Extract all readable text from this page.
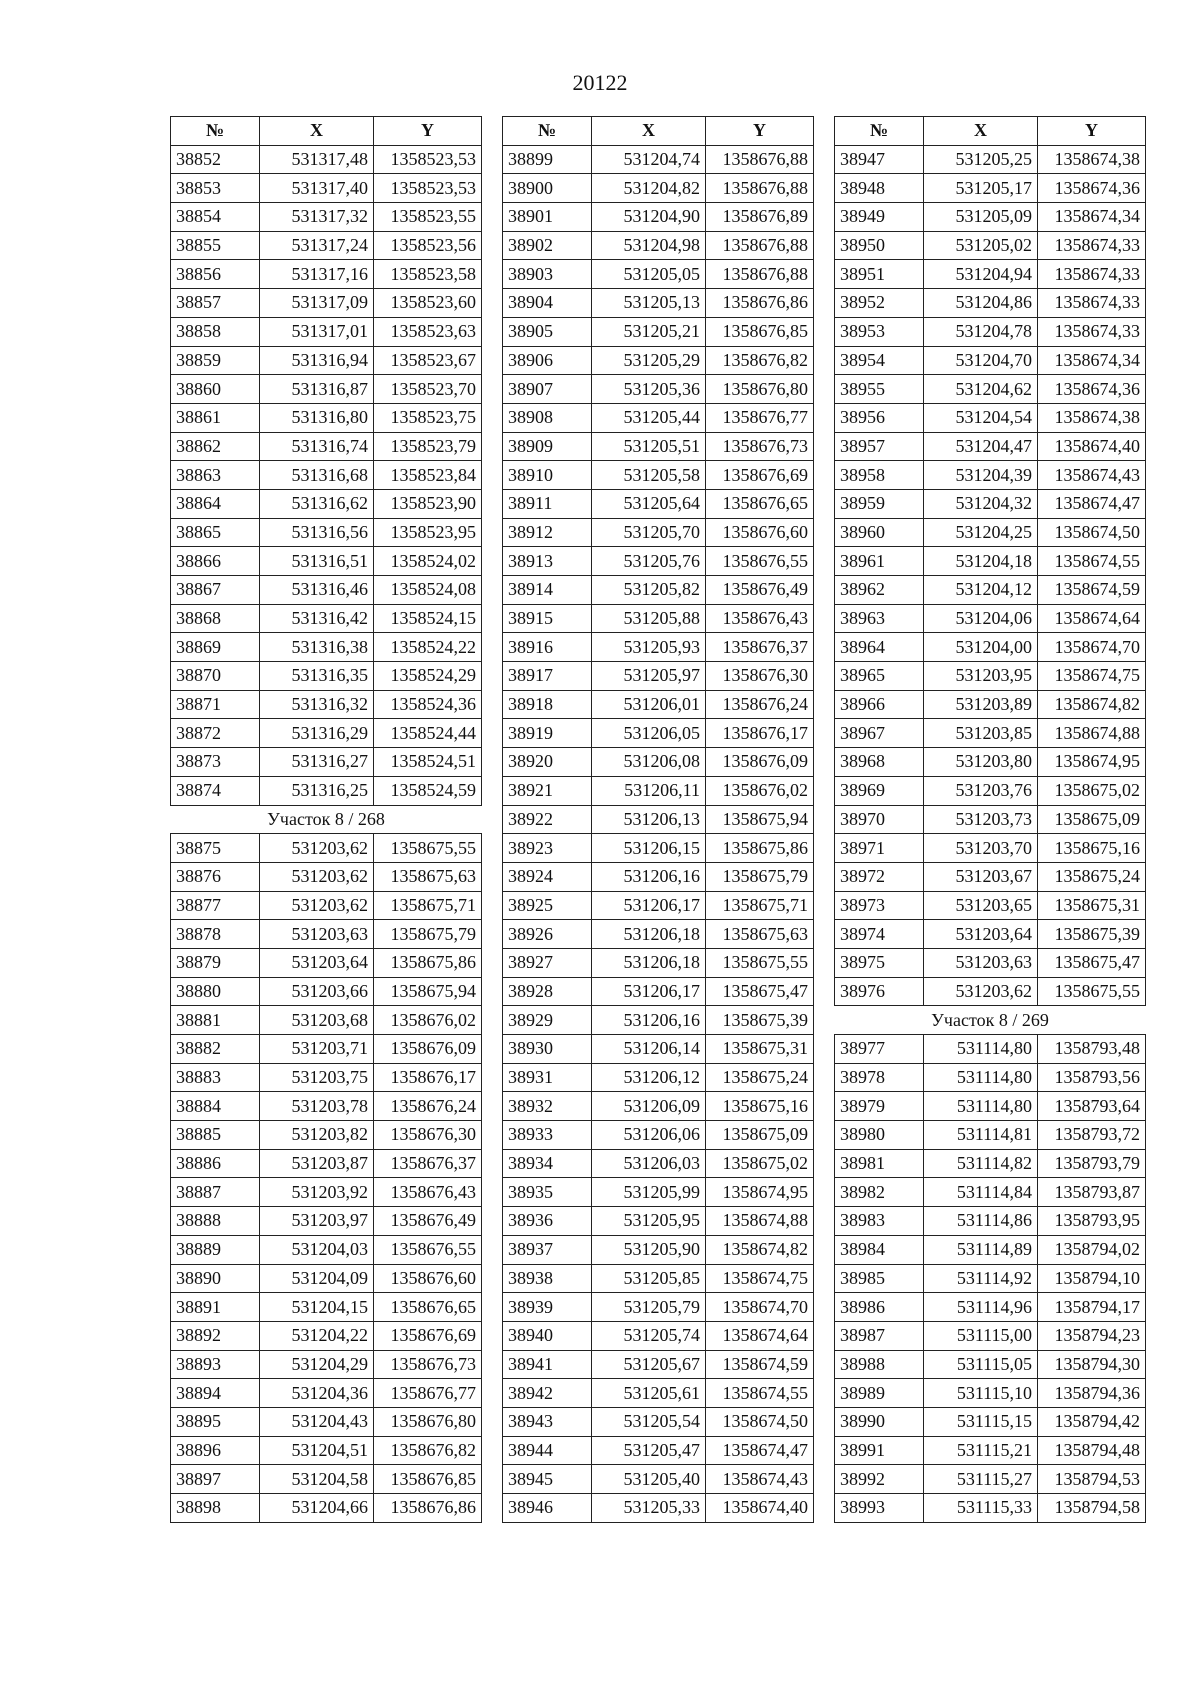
20122
№	X	Y
38852	531317,48	1358523,53
38853	531317,40	1358523,53
38854	531317,32	1358523,55
38855	531317,24	1358523,56
38856	531317,16	1358523,58
38857	531317,09	1358523,60
38858	531317,01	1358523,63
38859	531316,94	1358523,67
38860	531316,87	1358523,70
38861	531316,80	1358523,75
38862	531316,74	1358523,79
38863	531316,68	1358523,84
38864	531316,62	1358523,90
38865	531316,56	1358523,95
38866	531316,51	1358524,02
38867	531316,46	1358524,08
38868	531316,42	1358524,15
38869	531316,38	1358524,22
38870	531316,35	1358524,29
38871	531316,32	1358524,36
38872	531316,29	1358524,44
38873	531316,27	1358524,51
38874	531316,25	1358524,59
Участок 8 / 268		
38875	531203,62	1358675,55
38876	531203,62	1358675,63
38877	531203,62	1358675,71
38878	531203,63	1358675,79
38879	531203,64	1358675,86
38880	531203,66	1358675,94
38881	531203,68	1358676,02
38882	531203,71	1358676,09
38883	531203,75	1358676,17
38884	531203,78	1358676,24
38885	531203,82	1358676,30
38886	531203,87	1358676,37
38887	531203,92	1358676,43
38888	531203,97	1358676,49
38889	531204,03	1358676,55
38890	531204,09	1358676,60
38891	531204,15	1358676,65
38892	531204,22	1358676,69
38893	531204,29	1358676,73
38894	531204,36	1358676,77
38895	531204,43	1358676,80
38896	531204,51	1358676,82
38897	531204,58	1358676,85
38898	531204,66	1358676,86
№	X	Y
38899	531204,74	1358676,88
38900	531204,82	1358676,88
38901	531204,90	1358676,89
38902	531204,98	1358676,88
38903	531205,05	1358676,88
38904	531205,13	1358676,86
38905	531205,21	1358676,85
38906	531205,29	1358676,82
38907	531205,36	1358676,80
38908	531205,44	1358676,77
38909	531205,51	1358676,73
38910	531205,58	1358676,69
38911	531205,64	1358676,65
38912	531205,70	1358676,60
38913	531205,76	1358676,55
38914	531205,82	1358676,49
38915	531205,88	1358676,43
38916	531205,93	1358676,37
38917	531205,97	1358676,30
38918	531206,01	1358676,24
38919	531206,05	1358676,17
38920	531206,08	1358676,09
38921	531206,11	1358676,02
38922	531206,13	1358675,94
38923	531206,15	1358675,86
38924	531206,16	1358675,79
38925	531206,17	1358675,71
38926	531206,18	1358675,63
38927	531206,18	1358675,55
38928	531206,17	1358675,47
38929	531206,16	1358675,39
38930	531206,14	1358675,31
38931	531206,12	1358675,24
38932	531206,09	1358675,16
38933	531206,06	1358675,09
38934	531206,03	1358675,02
38935	531205,99	1358674,95
38936	531205,95	1358674,88
38937	531205,90	1358674,82
38938	531205,85	1358674,75
38939	531205,79	1358674,70
38940	531205,74	1358674,64
38941	531205,67	1358674,59
38942	531205,61	1358674,55
38943	531205,54	1358674,50
38944	531205,47	1358674,47
38945	531205,40	1358674,43
38946	531205,33	1358674,40
№	X	Y
38947	531205,25	1358674,38
38948	531205,17	1358674,36
38949	531205,09	1358674,34
38950	531205,02	1358674,33
38951	531204,94	1358674,33
38952	531204,86	1358674,33
38953	531204,78	1358674,33
38954	531204,70	1358674,34
38955	531204,62	1358674,36
38956	531204,54	1358674,38
38957	531204,47	1358674,40
38958	531204,39	1358674,43
38959	531204,32	1358674,47
38960	531204,25	1358674,50
38961	531204,18	1358674,55
38962	531204,12	1358674,59
38963	531204,06	1358674,64
38964	531204,00	1358674,70
38965	531203,95	1358674,75
38966	531203,89	1358674,82
38967	531203,85	1358674,88
38968	531203,80	1358674,95
38969	531203,76	1358675,02
38970	531203,73	1358675,09
38971	531203,70	1358675,16
38972	531203,67	1358675,24
38973	531203,65	1358675,31
38974	531203,64	1358675,39
38975	531203,63	1358675,47
38976	531203,62	1358675,55
Участок 8 / 269		
38977	531114,80	1358793,48
38978	531114,80	1358793,56
38979	531114,80	1358793,64
38980	531114,81	1358793,72
38981	531114,82	1358793,79
38982	531114,84	1358793,87
38983	531114,86	1358793,95
38984	531114,89	1358794,02
38985	531114,92	1358794,10
38986	531114,96	1358794,17
38987	531115,00	1358794,23
38988	531115,05	1358794,30
38989	531115,10	1358794,36
38990	531115,15	1358794,42
38991	531115,21	1358794,48
38992	531115,27	1358794,53
38993	531115,33	1358794,58
